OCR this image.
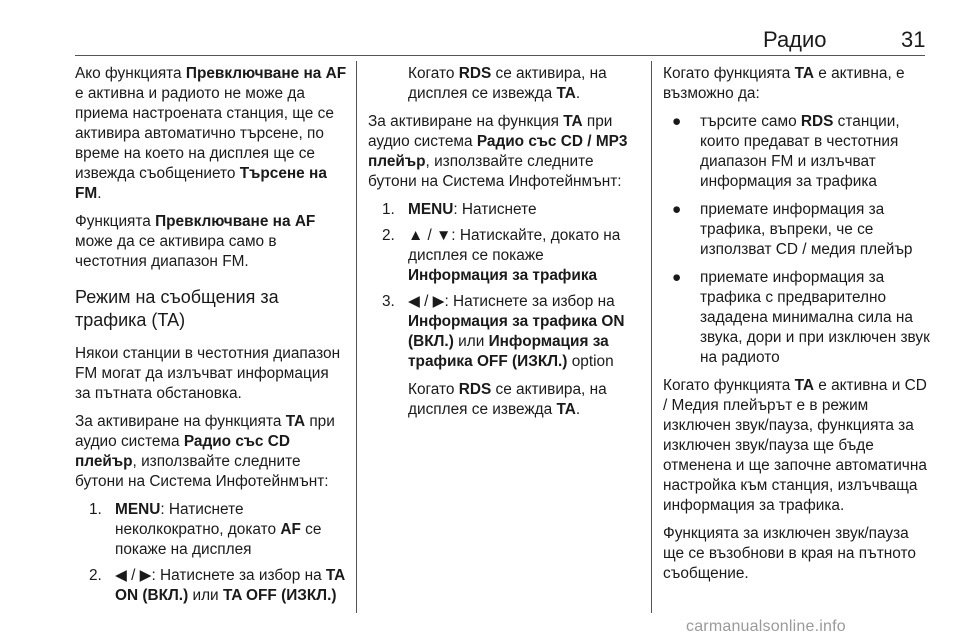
Радио	31

Ако функцията Превключване на AF е активна и радиото не може да приема настроената станция, ще се активира автоматично търсене, по време на което на дисплея ще се извежда съобщението Търсене на FM.

Функцията Превключване на AF може да се активира само в честотния диапазон FM.

Режим на съобщения за трафика (TA)

Някои станции в честотния диапазон FM могат да излъчват информация за пътната обстановка.

За активиране на функцията TA при аудио система Радио със CD плейър, използвайте следните бутони на Система Инфотейнмънт:

1. MENU: Натиснете неколкократно, докато AF се покаже на дисплея
2. ◀ / ▶: Натиснете за избор на TA ON (ВКЛ.) или TA OFF (ИЗКЛ.)

Когато RDS се активира, на дисплея се извежда TA.

За активиране на функция TA при аудио система Радио със CD / MP3 плейър, използвайте следните бутони на Система Инфотейнмънт:

1. MENU: Натиснете
2. ▲ / ▼: Натискайте, докато на дисплея се покаже Информация за трафика
3. ◀ / ▶: Натиснете за избор на Информация за трафика ON (ВКЛ.) или Информация за трафика OFF (ИЗКЛ.) option

Когато RDS се активира, на дисплея се извежда TA.

Когато функцията TA е активна, е възможно да:

● търсите само RDS станции, които предават в честотния диапазон FM и излъчват информация за трафика
● приемате информация за трафика, въпреки, че се използват CD / медия плейър
● приемате информация за трафика с предварително зададена минимална сила на звука, дори и при изключен звук на радиото

Когато функцията TA е активна и CD / Медия плейърът е в режим изключен звук/пауза, функцията за изключен звук/пауза ще бъде отменена и ще започне автоматична настройка към станция, излъчваща информация за трафика.

Функцията за изключен звук/пауза ще се възобнови в края на пътното съобщение.

carmanualsonline.info
